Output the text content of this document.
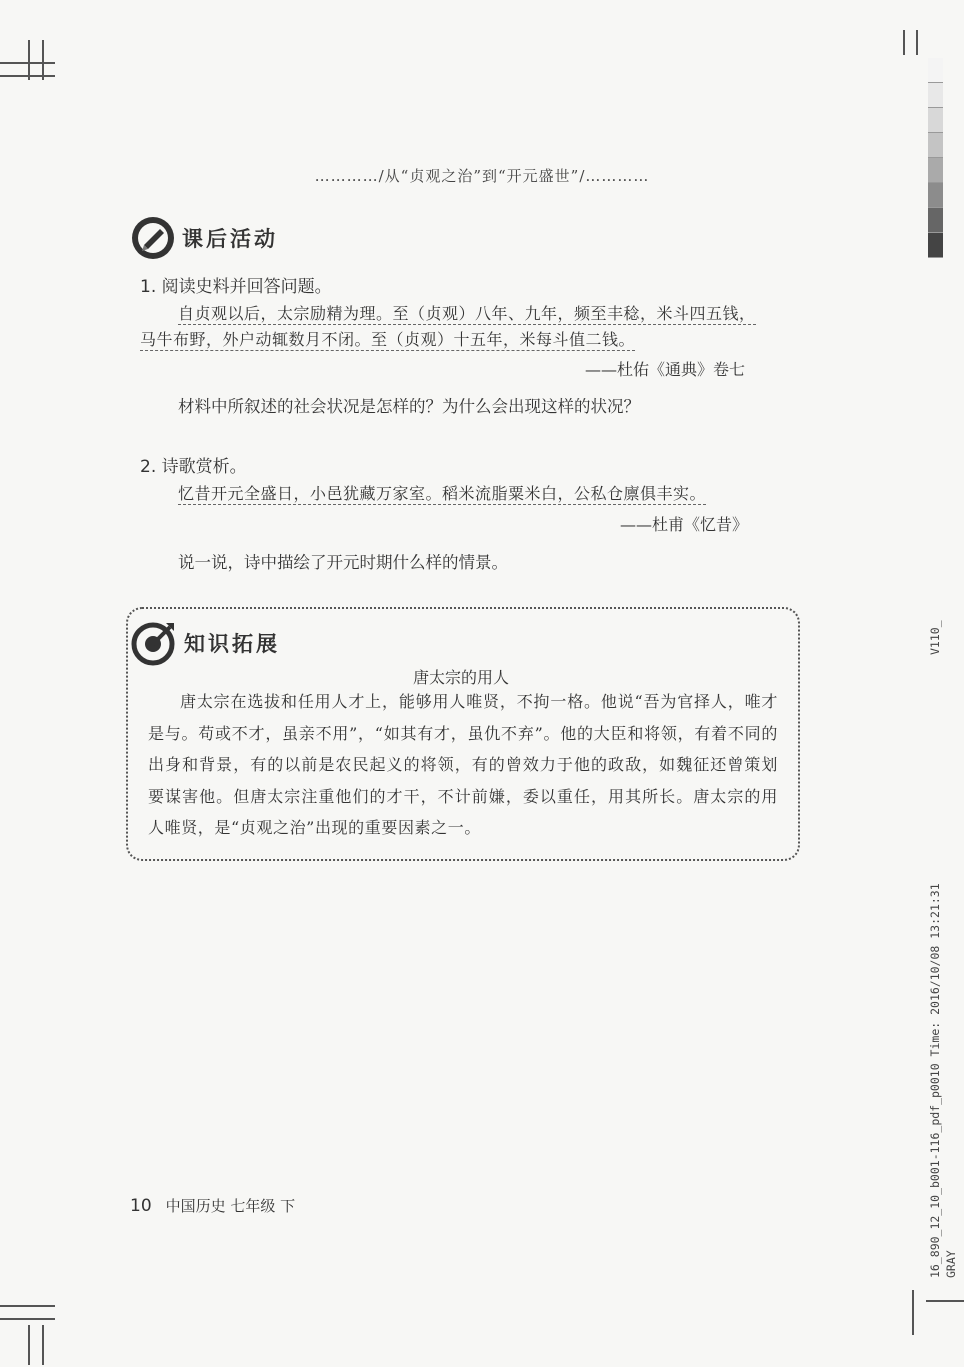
…………/从“贞观之治”到“开元盛世”/…………
课后活动
1. 阅读史料并回答问题。
自贞观以后，太宗励精为理。至（贞观）八年、九年，频至丰稔，米斗四五钱，
马牛布野，外户动辄数月不闭。至（贞观）十五年，米每斗值二钱。
——杜佑《通典》卷七
材料中所叙述的社会状况是怎样的？为什么会出现这样的状况？
2. 诗歌赏析。
忆昔开元全盛日，小邑犹藏万家室。稻米流脂粟米白，公私仓廪俱丰实。
——杜甫《忆昔》
说一说，诗中描绘了开元时期什么样的情景。
知识拓展
唐太宗的用人
唐太宗在选拔和任用人才上，能够用人唯贤，不拘一格。他说“吾为官择人，唯才是与。苟或不才，虽亲不用”，“如其有才，虽仇不弃”。他的大臣和将领，有着不同的出身和背景，有的以前是农民起义的将领，有的曾效力于他的政敌，如魏征还曾策划要谋害他。但唐太宗注重他们的才干，不计前嫌，委以重任，用其所长。唐太宗的用人唯贤，是“贞观之治”出现的重要因素之一。
10 中国历史 七年级 下
V110_
16_890_12_10_b001-116_pdf_p0010 Time: 2016/10/08 13:21:31 GRAY
